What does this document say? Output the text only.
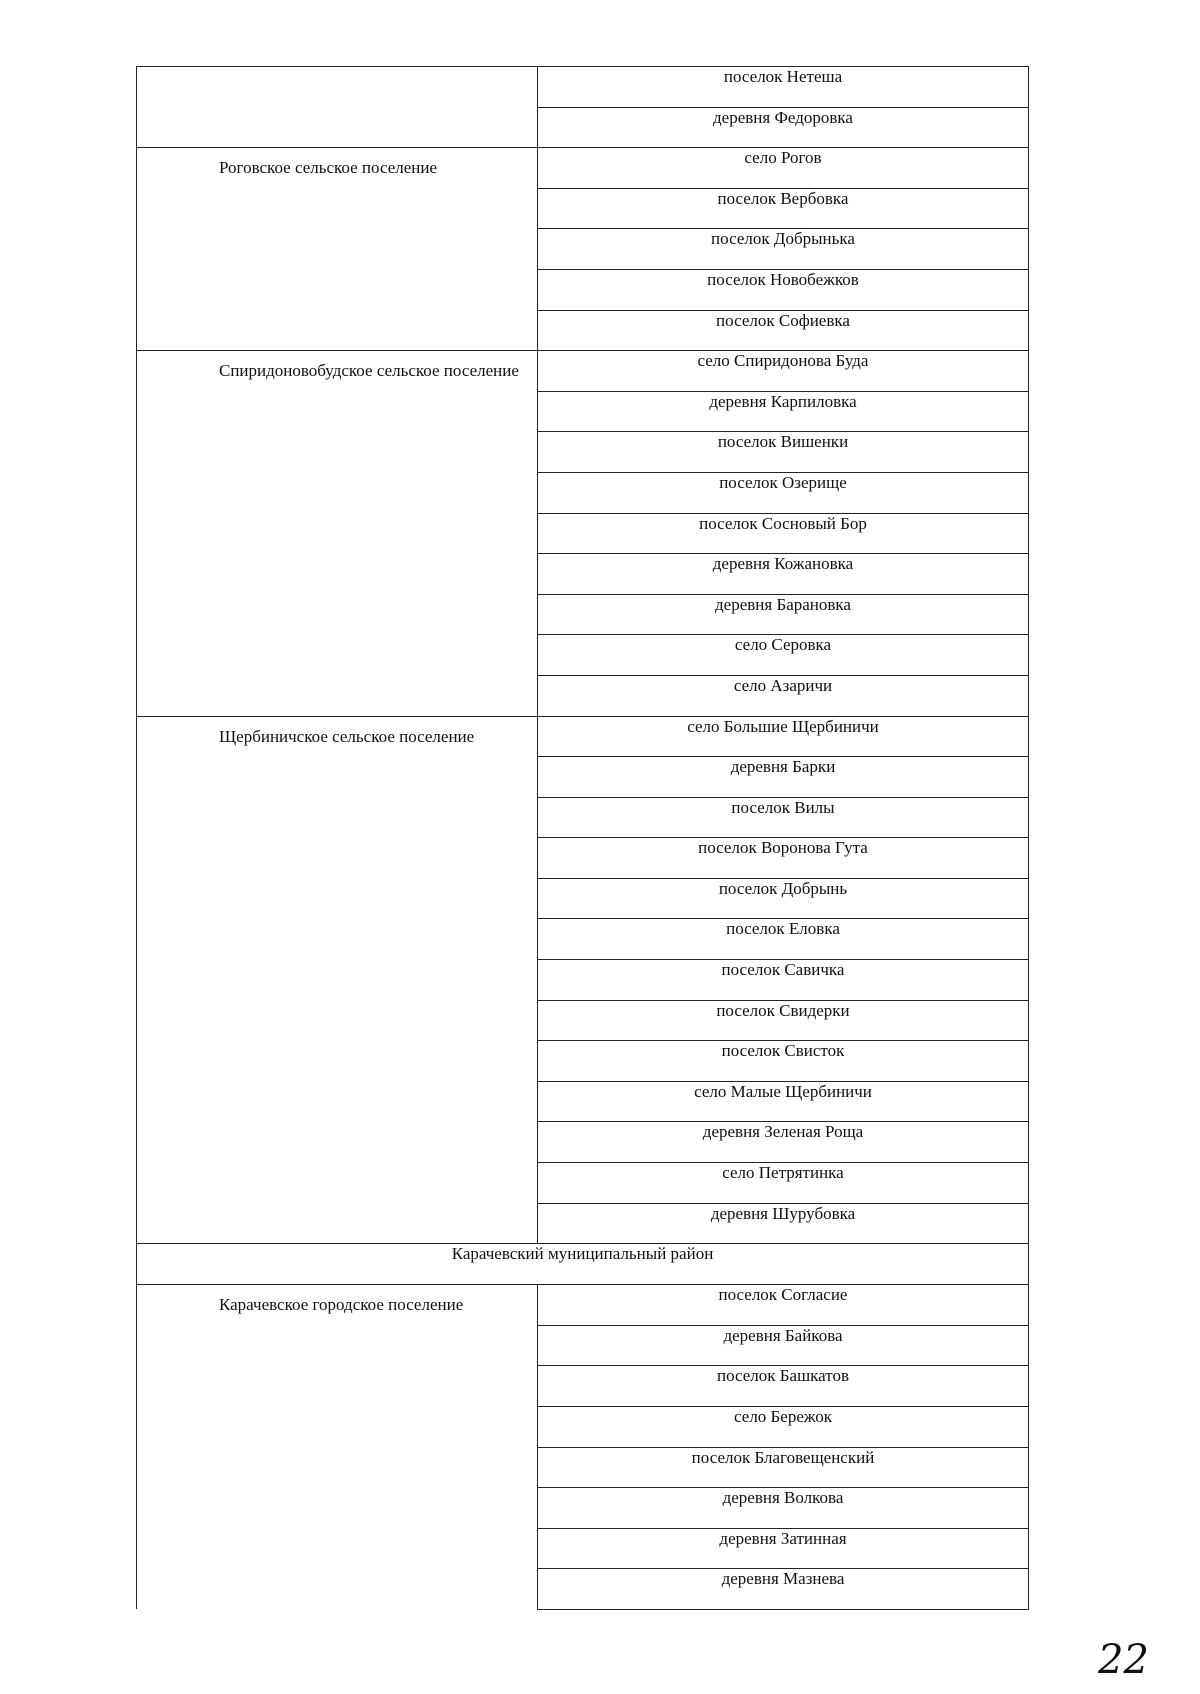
	поселок Нетеша
	деревня Федоровка

Роговское сельское поселение	село Рогов
	поселок Вербовка
	поселок Добрынька
	поселок Новобежков
	поселок Софиевка

Спиридоновобудское сельское поселение	село Спиридонова Буда
	деревня Карпиловка
	поселок Вишенки
	поселок Озерище
	поселок Сосновый Бор
	деревня Кожановка
	деревня Барановка
	село Серовка
	село Азаричи

Щербиничское сельское поселение	село Большие Щербиничи
	деревня Барки
	поселок Вилы
	поселок Воронова Гута
	поселок Добрынь
	поселок Еловка
	поселок Савичка
	поселок Свидерки
	поселок Свисток
	село Малые Щербиничи
	деревня Зеленая Роща
	село Петрятинка
	деревня Шурубовка
Карачевский муниципальный район	

Карачевское городское поселение	поселок Согласие
	деревня Байкова
	поселок Башкатов
	село Бережок
	поселок Благовещенский
	деревня Волкова
	деревня Затинная
	деревня Мазнева
22
